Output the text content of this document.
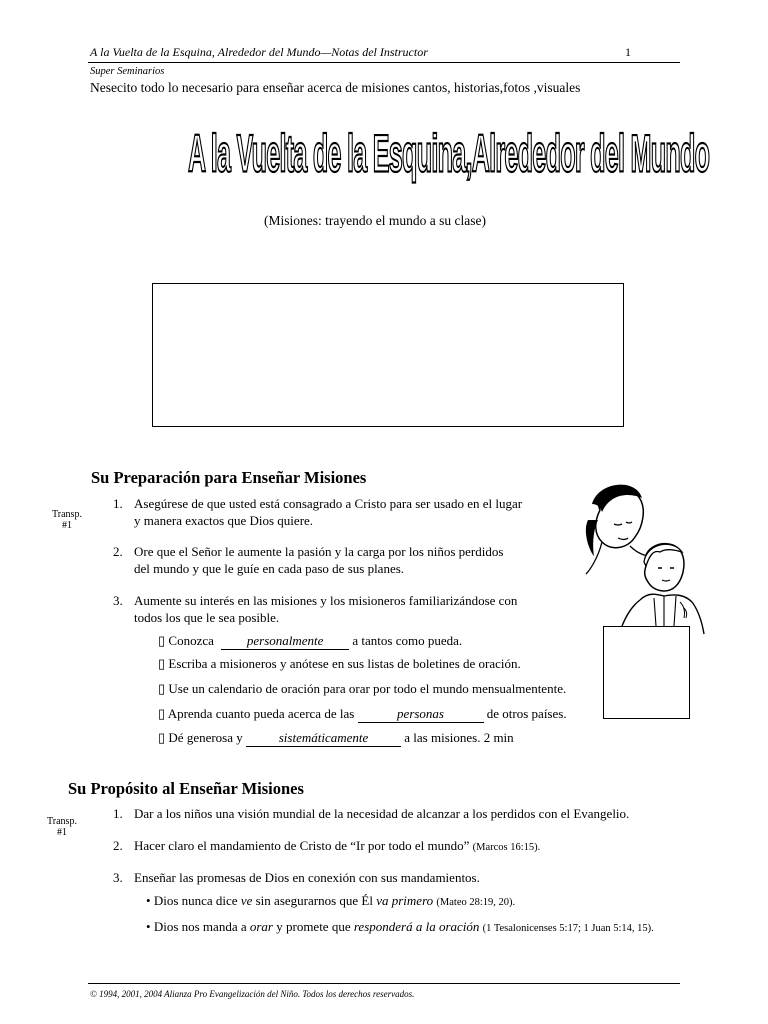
A la Vuelta de la Esquina, Alrededor del Mundo—Notas del Instructor	1
Super Seminarios
Nesecito todo lo necesario para enseñar acerca de misiones cantos, historias,fotos ,visuales
A la Vuelta de la Esquina,Alrededor del Mundo
(Misiones: trayendo el mundo a su clase)
Su Preparación para Enseñar Misiones
Transp.
#1
1. Asegúrese de que usted está consagrado a Cristo para ser usado en el lugar
y manera exactos que Dios quiere.
2. Ore que el Señor le aumente la pasión y la carga por los niños perdidos
del mundo y que le guíe en cada paso de sus planes.
3. Aumente su interés en las misiones y los misioneros familiarizándose con
todos los que le sea posible.
▯ Conozca	personalmente a tantos como pueda.
▯ Escriba a misioneros y anótese en sus listas de boletines de oración.
▯ Use un calendario de oración para orar por todo el mundo mensualmentente.
▯ Aprenda cuanto pueda acerca de las	personas	de otros países.
▯ Dé generosa y	sistemáticamente	a las misiones. 2 min
Su Propósito al Enseñar Misiones
Transp.
#1
1. Dar a los niños una visión mundial de la necesidad de alcanzar a los perdidos con el Evangelio.
2. Hacer claro el mandamiento de Cristo de “Ir por todo el mundo” (Marcos 16:15).
3. Enseñar las promesas de Dios en conexión con sus mandamientos.
• Dios nunca dice ve sin asegurarnos que Él va primero (Mateo 28:19, 20).
• Dios nos manda a orar y promete que responderá a la oración (1 Tesalonicenses 5:17; 1 Juan 5:14, 15).
© 1994, 2001, 2004 Alianza Pro Evangelización del Niño. Todos los derechos reservados.
